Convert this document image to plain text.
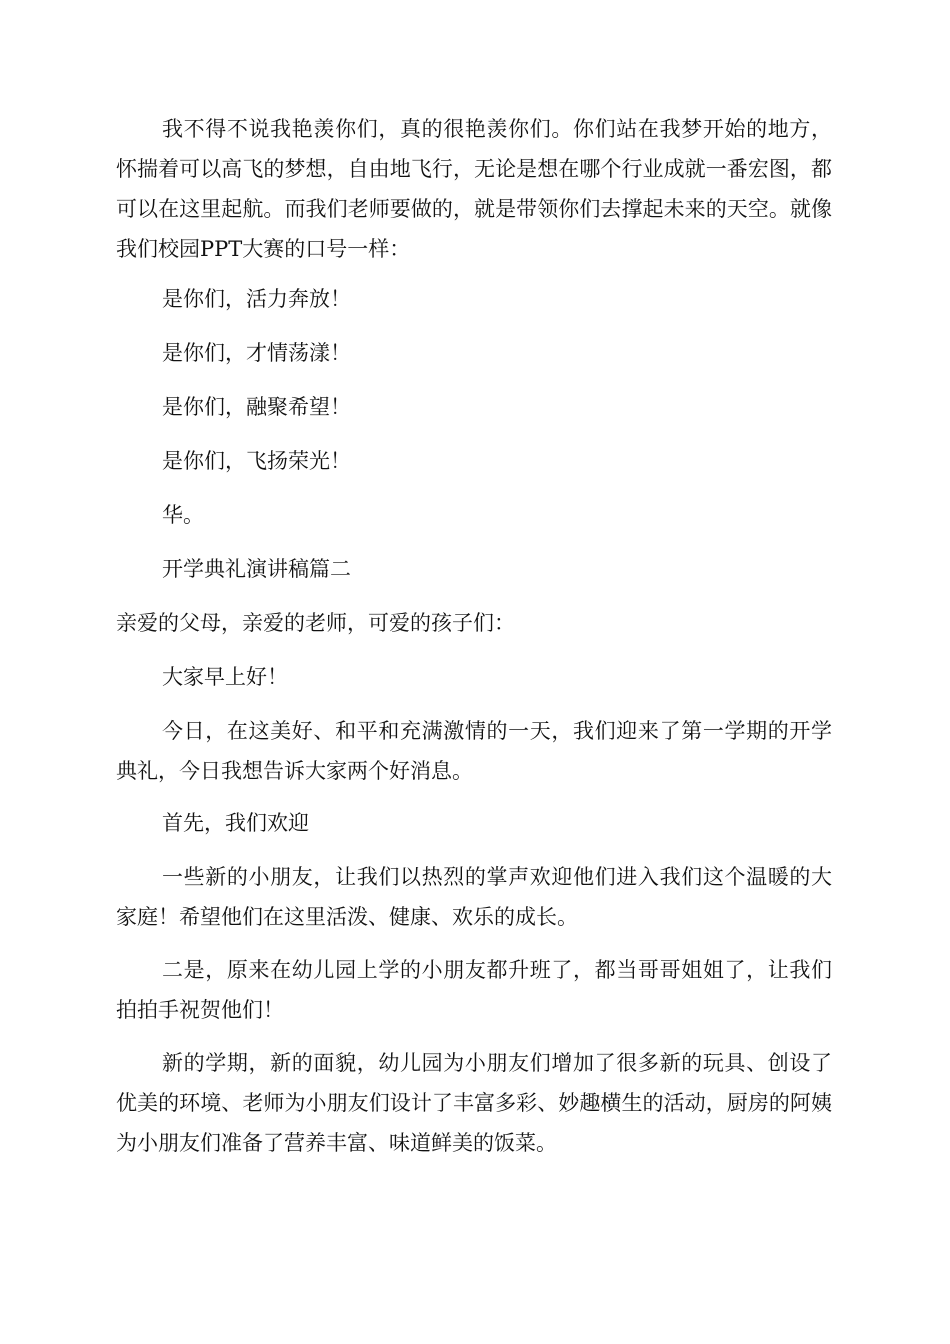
我不得不说我艳羡你们，真的很艳羡你们。你们站在我梦开始的地方，怀揣着可以高飞的梦想，自由地飞行，无论是想在哪个行业成就一番宏图，都可以在这里起航。而我们老师要做的，就是带领你们去撑起未来的天空。就像我们校园PPT大赛的口号一样：

是你们，活力奔放！

是你们，才情荡漾！

是你们，融聚希望！

是你们，飞扬荣光！

华。

开学典礼演讲稿篇二

亲爱的父母，亲爱的老师，可爱的孩子们：

大家早上好！

今日，在这美好、和平和充满激情的一天，我们迎来了第一学期的开学典礼，今日我想告诉大家两个好消息。

首先，我们欢迎

一些新的小朋友，让我们以热烈的掌声欢迎他们进入我们这个温暖的大家庭！希望他们在这里活泼、健康、欢乐的成长。

二是，原来在幼儿园上学的小朋友都升班了，都当哥哥姐姐了，让我们拍拍手祝贺他们！

新的学期，新的面貌，幼儿园为小朋友们增加了很多新的玩具、创设了优美的环境、老师为小朋友们设计了丰富多彩、妙趣横生的活动，厨房的阿姨为小朋友们准备了营养丰富、味道鲜美的饭菜。
